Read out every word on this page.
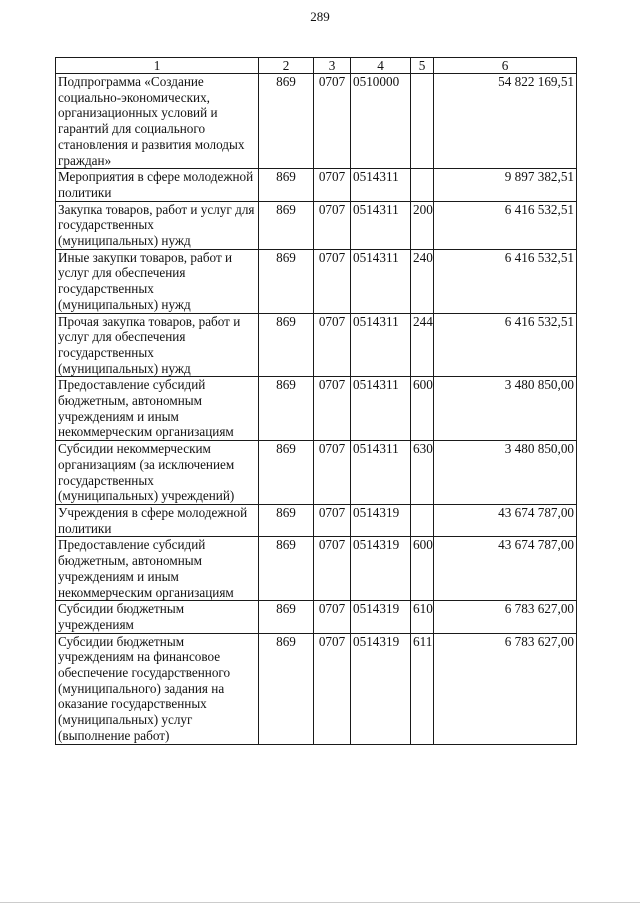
289
1	2	3	4	5	6
Подпрограмма «Создание социально-экономических, организационных условий и гарантий для социального становления и развития молодых граждан»	869	0707	0510000		54 822 169,51
Мероприятия в сфере молодежной политики	869	0707	0514311		9 897 382,51
Закупка товаров, работ и услуг для государственных (муниципальных) нужд	869	0707	0514311	200	6 416 532,51
Иные закупки товаров, работ и услуг для обеспечения государственных (муниципальных) нужд	869	0707	0514311	240	6 416 532,51
Прочая закупка товаров, работ и услуг для обеспечения государственных (муниципальных) нужд	869	0707	0514311	244	6 416 532,51
Предоставление субсидий бюджетным, автономным учреждениям и иным некоммерческим организациям	869	0707	0514311	600	3 480 850,00
Субсидии некоммерческим организациям (за исключением государственных (муниципальных) учреждений)	869	0707	0514311	630	3 480 850,00
Учреждения в сфере молодежной политики	869	0707	0514319		43 674 787,00
Предоставление субсидий бюджетным, автономным учреждениям и иным некоммерческим организациям	869	0707	0514319	600	43 674 787,00
Субсидии бюджетным учреждениям	869	0707	0514319	610	6 783 627,00
Субсидии бюджетным учреждениям на финансовое обеспечение государственного (муниципального) задания на оказание государственных (муниципальных) услуг (выполнение работ)	869	0707	0514319	611	6 783 627,00
